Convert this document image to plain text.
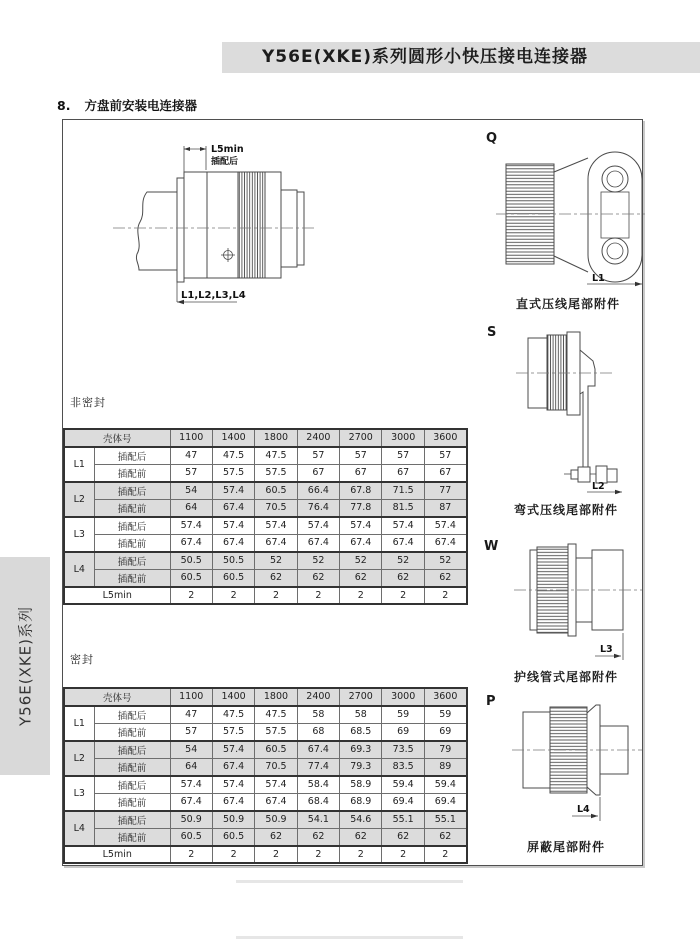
Y56E(XKE)系列圆形小快压接电连接器
8. 方盘前安装电连接器
L5min
插配后
L1,L2,L3,L4
Q
L1
直式压线尾部附件
S
L2
弯式压线尾部附件
W
L3
护线管式尾部附件
P
L4
屏蔽尾部附件
非密封
密封
壳体号		1100	1400	1800	2400	2700	3000	3600
L1	插配后	47	47.5	47.5	57	57	57	57
	插配前	57	57.5	57.5	67	67	67	67
L2	插配后	54	57.4	60.5	66.4	67.8	71.5	77
	插配前	64	67.4	70.5	76.4	77.8	81.5	87
L3	插配后	57.4	57.4	57.4	57.4	57.4	57.4	57.4
	插配前	67.4	67.4	67.4	67.4	67.4	67.4	67.4
L4	插配后	50.5	50.5	52	52	52	52	52
	插配前	60.5	60.5	62	62	62	62	62
L5min		2	2	2	2	2	2	2
壳体号		1100	1400	1800	2400	2700	3000	3600
L1	插配后	47	47.5	47.5	58	58	59	59
	插配前	57	57.5	57.5	68	68.5	69	69
L2	插配后	54	57.4	60.5	67.4	69.3	73.5	79
	插配前	64	67.4	70.5	77.4	79.3	83.5	89
L3	插配后	57.4	57.4	57.4	58.4	58.9	59.4	59.4
	插配前	67.4	67.4	67.4	68.4	68.9	69.4	69.4
L4	插配后	50.9	50.9	50.9	54.1	54.6	55.1	55.1
	插配前	60.5	60.5	62	62	62	62	62
L5min		2	2	2	2	2	2	2
Y56E(XKE)系列
